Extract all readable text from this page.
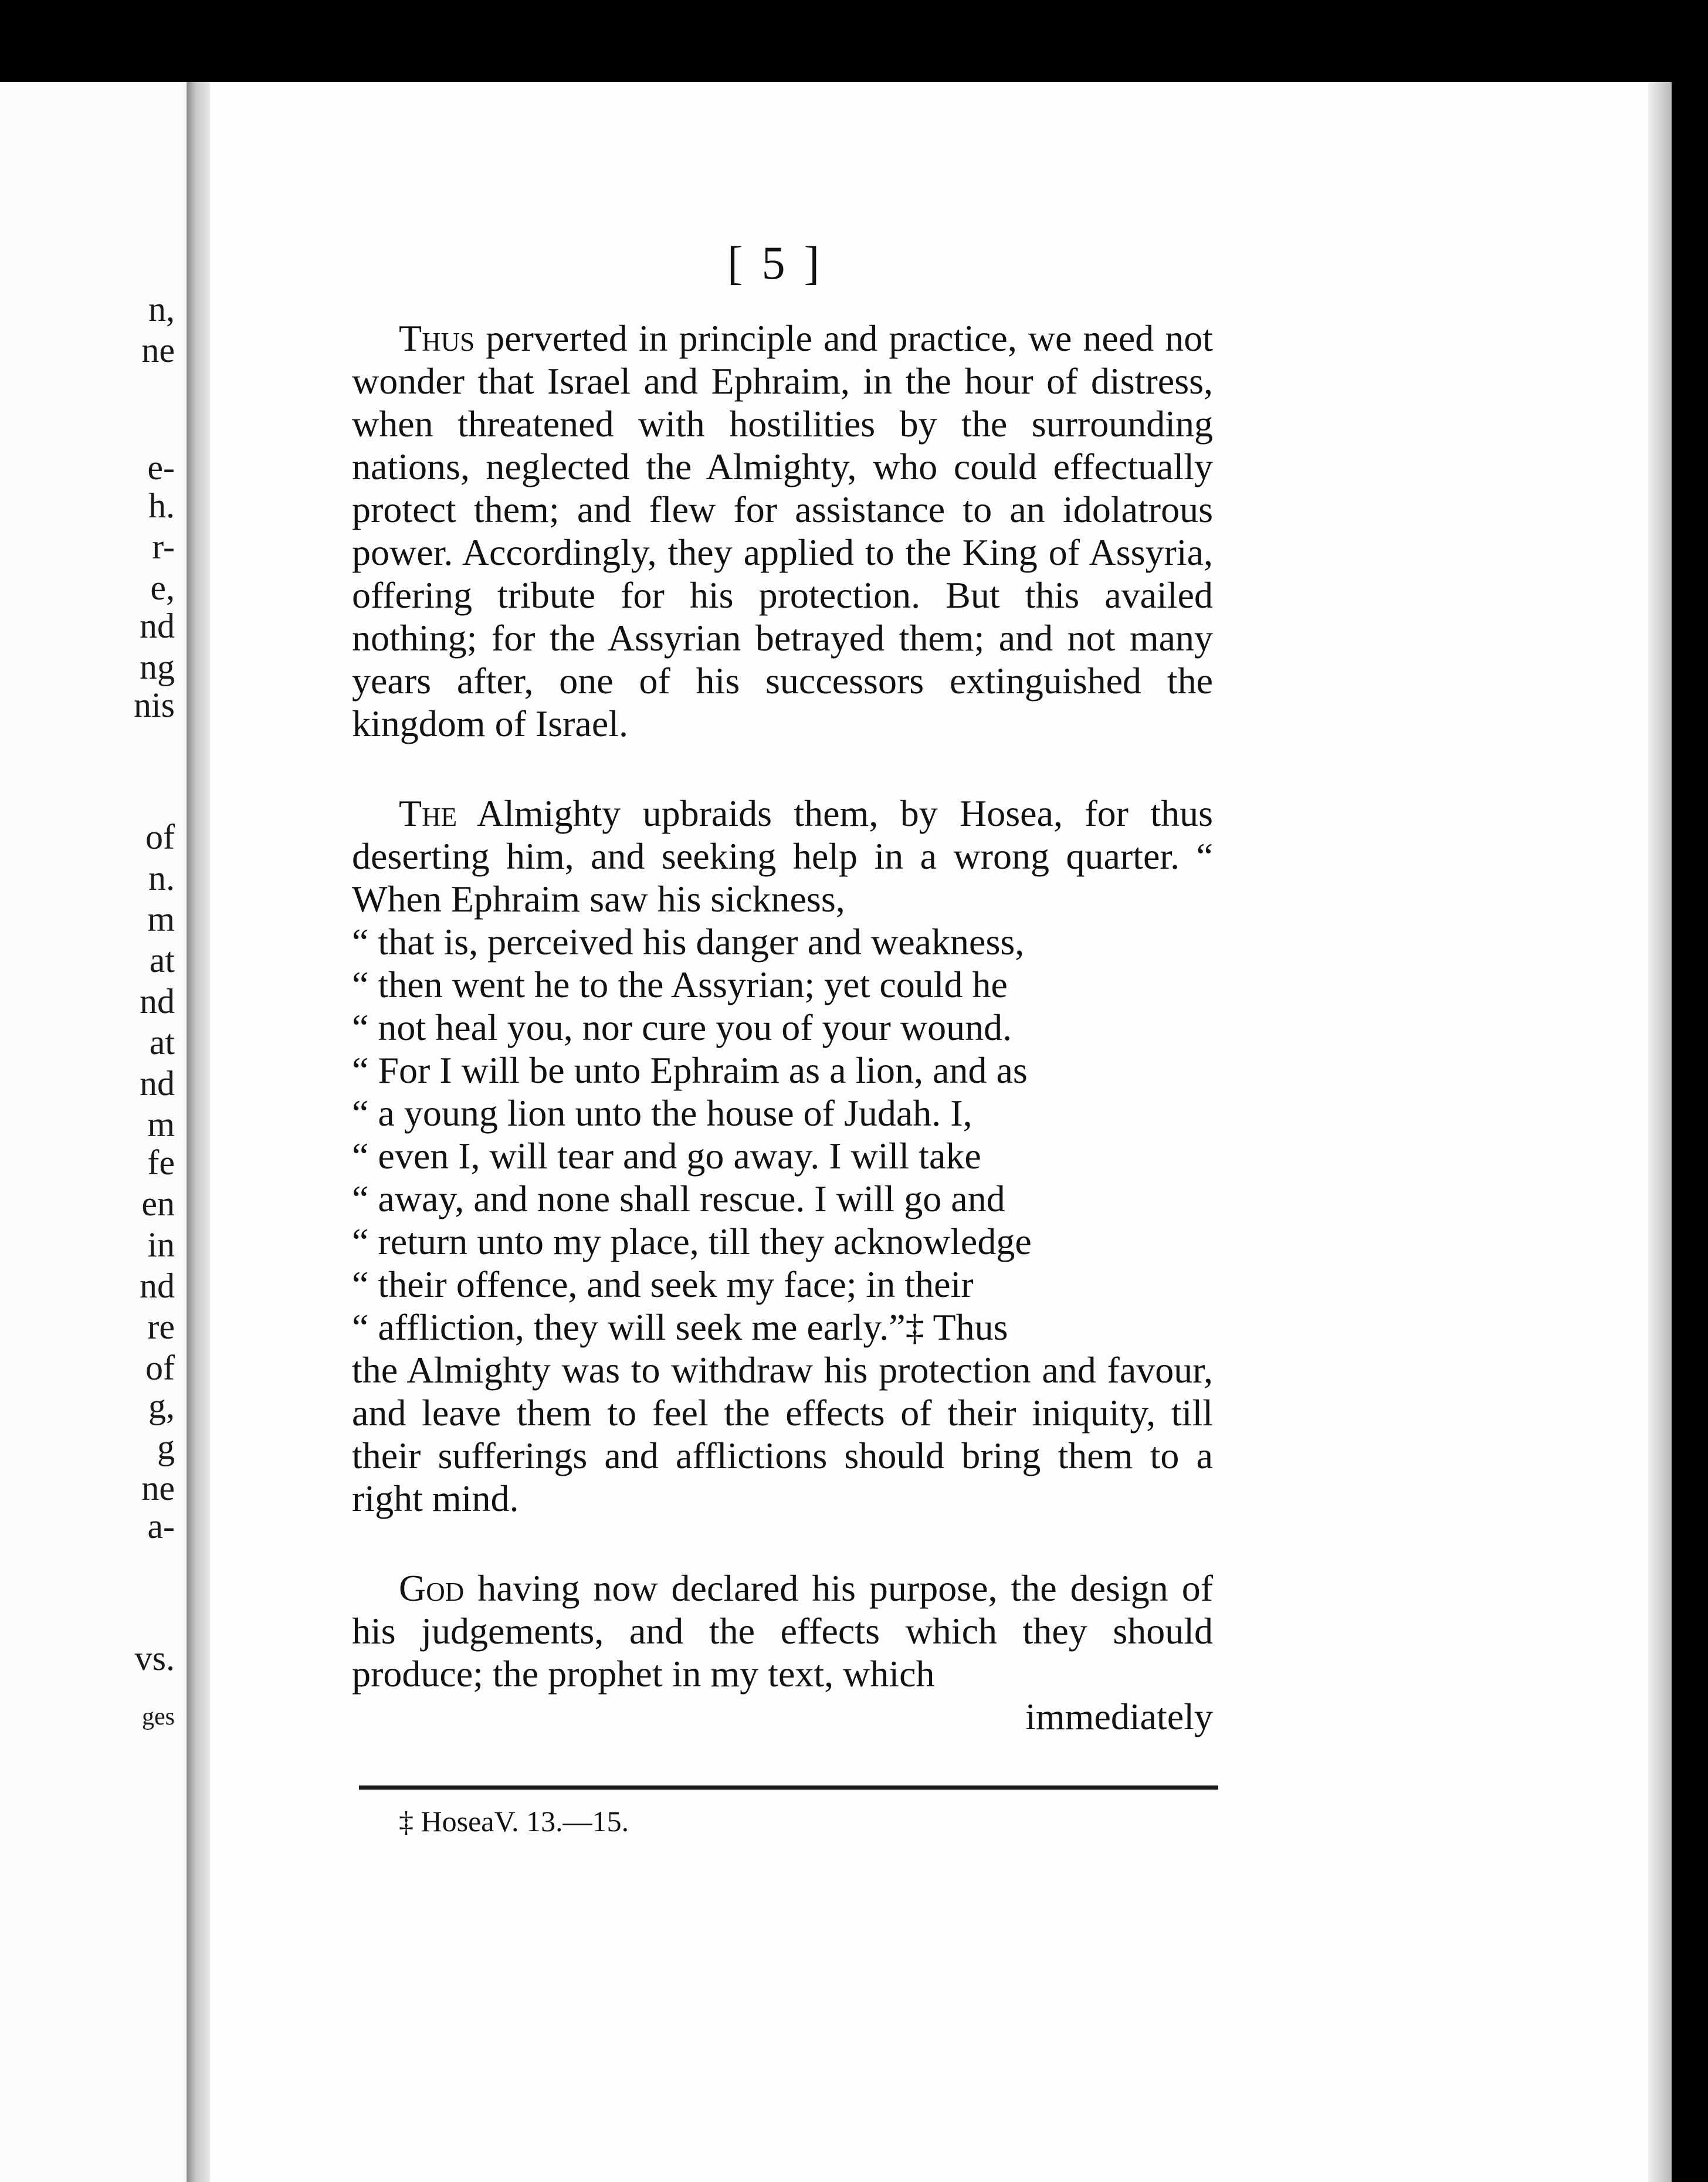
n,
ne
e-
h.
r-
e,
nd
ng
nis
of
n.
m
at
nd
at
nd
m
fe
en
in
nd
re
of
g,
g
ne
a-
vs.
ges
[ 5 ]

Thus perverted in principle and practice, we need not wonder that Israel and Ephraim, in the hour of distress, when threatened with hostilities by the surrounding nations, neglected the Almighty, who could effectually protect them; and flew for assistance to an idolatrous power. Accordingly, they applied to the King of Assyria, offering tribute for his protection. But this availed nothing; for the Assyrian betrayed them; and not many years after, one of his successors extinguished the kingdom of Israel.

The Almighty upbraids them, by Hosea, for thus deserting him, and seeking help in a wrong quarter. “ When Ephraim saw his sickness,
“ that is, perceived his danger and weakness,
“ then went he to the Assyrian; yet could he
“ not heal you, nor cure you of your wound.
“ For I will be unto Ephraim as a lion, and as
“ a young lion unto the house of Judah. I,
“ even I, will tear and go away. I will take
“ away, and none shall rescue. I will go and
“ return unto my place, till they acknowledge
“ their offence, and seek my face; in their
“ affliction, they will seek me early.”‡ Thus
the Almighty was to withdraw his protection and favour, and leave them to feel the effects of their iniquity, till their sufferings and afflictions should bring them to a right mind.

God having now declared his purpose, the design of his judgements, and the effects which they should produce; the prophet in my text, which

immediately
‡ HoseaV. 13.—15.
